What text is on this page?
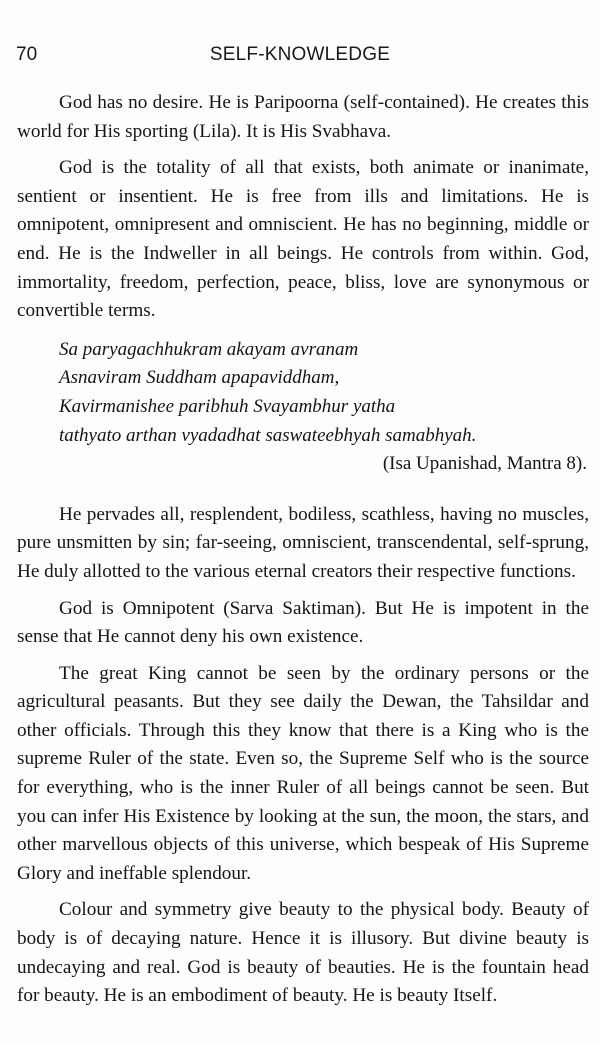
70	SELF-KNOWLEDGE

God has no desire. He is Paripoorna (self-contained). He creates this world for His sporting (Lila). It is His Svabhava.

God is the totality of all that exists, both animate or inanimate, sentient or insentient. He is free from ills and limitations. He is omnipotent, omnipresent and omniscient. He has no beginning, middle or end. He is the Indweller in all beings. He controls from within. God, immortality, freedom, perfection, peace, bliss, love are synonymous or convertible terms.

Sa paryagachhukram akayam avranam
Asnaviram Suddham apapaviddham,
Kavirmanishee paribhuh Svayambhur yatha
tathyato arthan vyadadhat saswateebhyah samabhyah.
(Isa Upanishad, Mantra 8).

He pervades all, resplendent, bodiless, scathless, having no muscles, pure unsmitten by sin; far-seeing, omniscient, transcendental, self-sprung, He duly allotted to the various eternal creators their respective functions.

God is Omnipotent (Sarva Saktiman). But He is impotent in the sense that He cannot deny his own existence.

The great King cannot be seen by the ordinary persons or the agricultural peasants. But they see daily the Dewan, the Tahsildar and other officials. Through this they know that there is a King who is the supreme Ruler of the state. Even so, the Supreme Self who is the source for everything, who is the inner Ruler of all beings cannot be seen. But you can infer His Existence by looking at the sun, the moon, the stars, and other marvellous objects of this universe, which bespeak of His Supreme Glory and ineffable splendour.

Colour and symmetry give beauty to the physical body. Beauty of body is of decaying nature. Hence it is illusory. But divine beauty is undecaying and real. God is beauty of beauties. He is the fountain head for beauty. He is an embodiment of beauty. He is beauty Itself.
